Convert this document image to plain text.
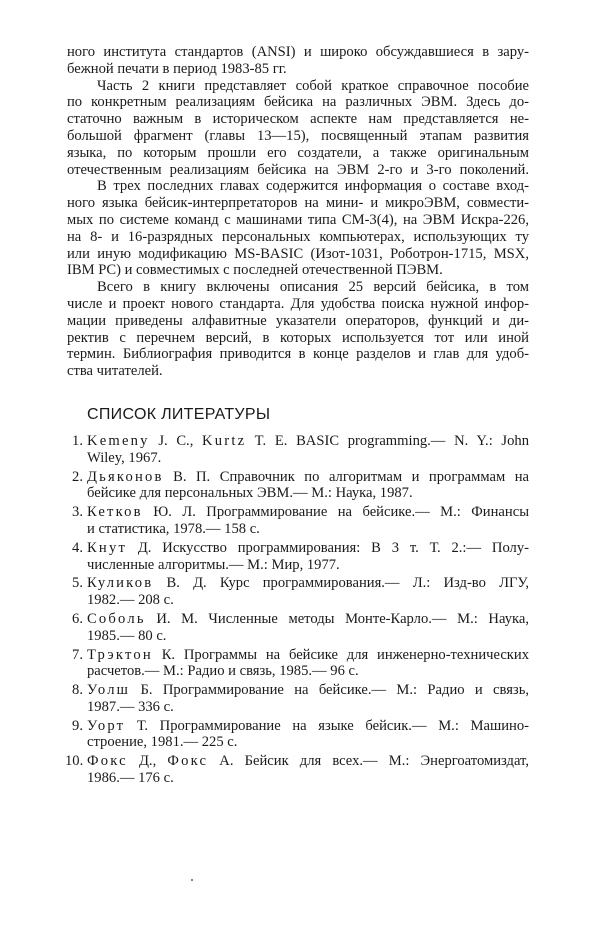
ного института стандартов (ANSI) и широко обсуждавшиеся в зару-
бежной печати в период 1983-85 гг.

Часть 2 книги представляет собой краткое справочное пособие
по конкретным реализациям бейсика на различных ЭВМ. Здесь до-
статочно важным в историческом аспекте нам представляется не-
большой фрагмент (главы 13—15), посвященный этапам развития
языка, по которым прошли его создатели, а также оригинальным
отечественным реализациям бейсика на ЭВМ 2-го и 3-го поколений.

В трех последних главах содержится информация о составе вход-
ного языка бейсик-интерпретаторов на мини- и микроЭВМ, совмести-
мых по системе команд с машинами типа СМ-3(4), на ЭВМ Искра-226,
на 8- и 16-разрядных персональных компьютерах, использующих ту
или иную модификацию MS-BASIC (Изот-1031, Роботрон-1715, MSX,
IBM PC) и совместимых с последней отечественной ПЭВМ.

Всего в книгу включены описания 25 версий бейсика, в том
числе и проект нового стандарта. Для удобства поиска нужной инфор-
мации приведены алфавитные указатели операторов, функций и ди-
ректив с перечнем версий, в которых используется тот или иной
термин. Библиография приводится в конце разделов и глав для удоб-
ства читателей.

СПИСОК ЛИТЕРАТУРЫ
1. Kemeny J. C., Kurtz T. E. BASIC programming.— N. Y.: John
Wiley, 1967.
2. Дьяконов В. П. Справочник по алгоритмам и программам на
бейсике для персональных ЭВМ.— М.: Наука, 1987.
3. Кетков Ю. Л. Программирование на бейсике.— М.: Финансы
и статистика, 1978.— 158 с.
4. Кнут Д. Искусство программирования: В 3 т. Т. 2.:— Полу-
численные алгоритмы.— М.: Мир, 1977.
5. Куликов В. Д. Курс программирования.— Л.: Изд-во ЛГУ,
1982.— 208 с.
6. Соболь И. М. Численные методы Монте-Карло.— М.: Наука,
1985.— 80 с.
7. Трэктон К. Программы на бейсике для инженерно-технических
расчетов.— М.: Радио и связь, 1985.— 96 с.
8. Уолш Б. Программирование на бейсике.— М.: Радио и связь,
1987.— 336 с.
9. Уорт Т. Программирование на языке бейсик.— М.: Машино-
строение, 1981.— 225 с.
10. Фокс Д., Фокс А. Бейсик для всех.— М.: Энергоатомиздат,
1986.— 176 с.
